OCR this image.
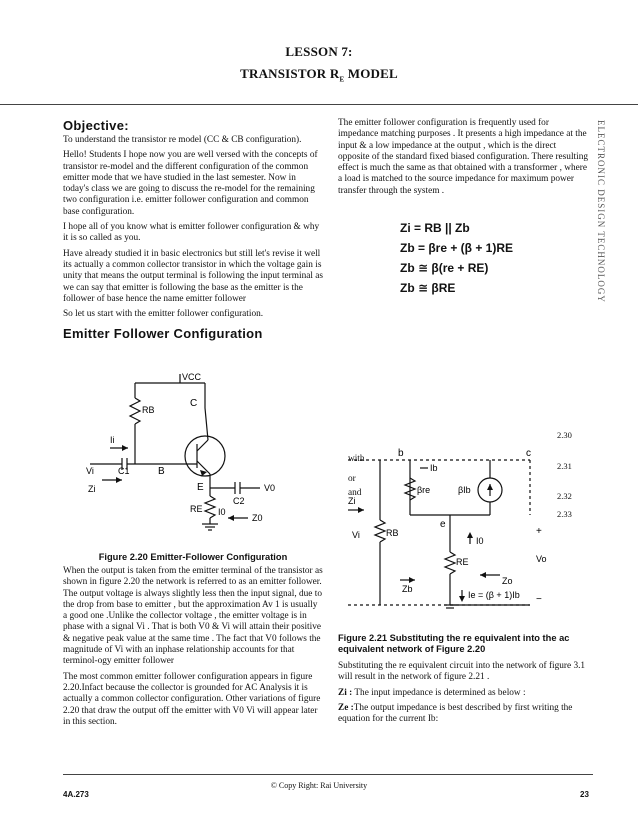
LESSON 7:
TRANSISTOR $R_E$ MODEL
ELECTRONIC DESIGN TECHNOLOGY
Objective:

To understand the transistor re model (CC & CB configuration).

Hello! Students I hope now you are well versed with the concepts of transistor re-model and the different configuration of the common emitter mode that we have studied in the last semester. Now in today's class we are going to discuss the re-model for the remaining two configuration i.e. emitter follower configuration and common base configuration.

I hope all of you know what is emitter follower configuration & why it is so called as you.

Have already studied it in basic electronics but still let's revise it well its actually a common collector transistor in which the voltage gain is unity that means the output terminal is following the input terminal as we can say that emitter is following the base as the emitter is the follower of base hence the name emitter follower

So let us start with the emitter follower configuration.

Emitter Follower Configuration
VCC
RB
C
Ii
Vi	C1	B
Zi	E
C2
V0
RE I0
Z0
Figure 2.20 Emitter-Follower Configuration

When the output is taken from the emitter terminal of the transistor as shown in figure 2.20 the network is referred to as an emitter follower. The output voltage is always slightly less then the input signal, due to the drop from base to emitter , but the approximation Av 1 is usually a good one .Unlike the collector voltage , the emitter voltage is in phase with a signal Vi . That is both V0 & Vi will attain their positive & negative peak value at the same time . The fact that V0 follows the magnitude of Vi with an inphase relationship accounts for that terminol-ogy emitter follower

The most common emitter follower configuration appears in figure 2.20.Infact because the collector is grounded for AC Analysis it is actually a common collector configuration. Other variations of figure 2.20 that draw the output off the emitter with V0 Vi will appear later in this section.

The emitter follower configuration is frequently used for impedance matching purposes . It presents a high impedance at the input & a low impedance at the output , which is the direct opposite of the standard fixed biased configuration. There resulting effect is much the same as that obtained with a transformer , where a load is matched to the source impedance for maximum power transfer through the system .

Zi = RB || Zb
Zb = βre + (β + 1)RE
Zb ≅ β(re + RE)
Zb ≅ βRE
b
Ib
c
βre	βIb
Zi
Vi	RB
e
I0
RE	Vo
Zb
Zo
Ie = (β + 1)Ib
+
−
with
or
and
2.30
2.31
2.32
2.33
Figure 2.21 Substituting the re equivalent into the ac equivalent network of Figure 2.20

Substituting the re equivalent circuit into the network of figure 3.1 will result in the network of figure 2.21 .

Zi : The input impedance is determined as below :

Ze :The output impedance is best described by first writing the equation for the current Ib:

© Copy Right: Rai University
4A.273	23
